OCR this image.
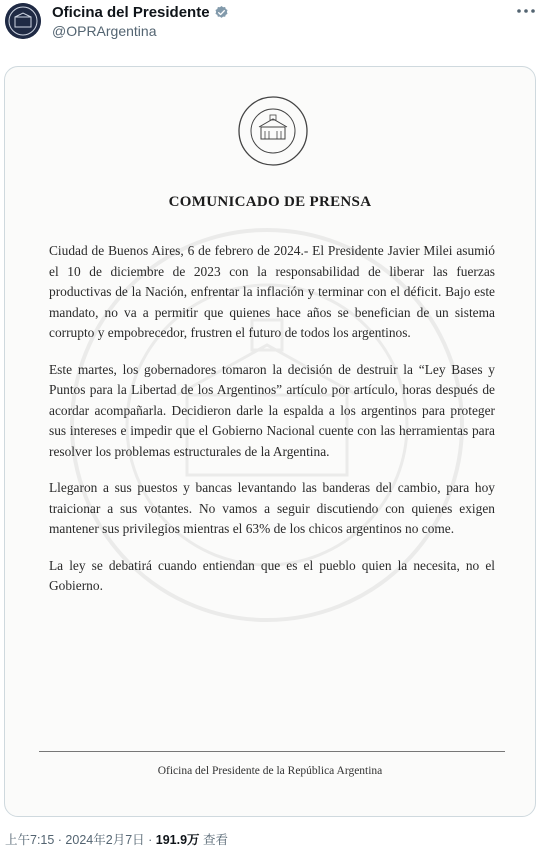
Oficina del Presidente
@OPRArgentina
COMUNICADO DE PRENSA

Ciudad de Buenos Aires, 6 de febrero de 2024.- El Presidente Javier Milei asumió el 10 de diciembre de 2023 con la responsabilidad de liberar las fuerzas productivas de la Nación, enfrentar la inflación y terminar con el déficit. Bajo este mandato, no va a permitir que quienes hace años se benefician de un sistema corrupto y empobrecedor, frustren el futuro de todos los argentinos.

Este martes, los gobernadores tomaron la decisión de destruir la “Ley Bases y Puntos para la Libertad de los Argentinos” artículo por artículo, horas después de acordar acompañarla. Decidieron darle la espalda a los argentinos para proteger sus intereses e impedir que el Gobierno Nacional cuente con las herramientas para resolver los problemas estructurales de la Argentina.

Llegaron a sus puestos y bancas levantando las banderas del cambio, para hoy traicionar a sus votantes. No vamos a seguir discutiendo con quienes exigen mantener sus privilegios mientras el 63% de los chicos argentinos no come.

La ley se debatirá cuando entiendan que es el pueblo quien la necesita, no el Gobierno.

Oficina del Presidente de la República Argentina
上午7:15 · 2024年2月7日 · 191.9万 查看
